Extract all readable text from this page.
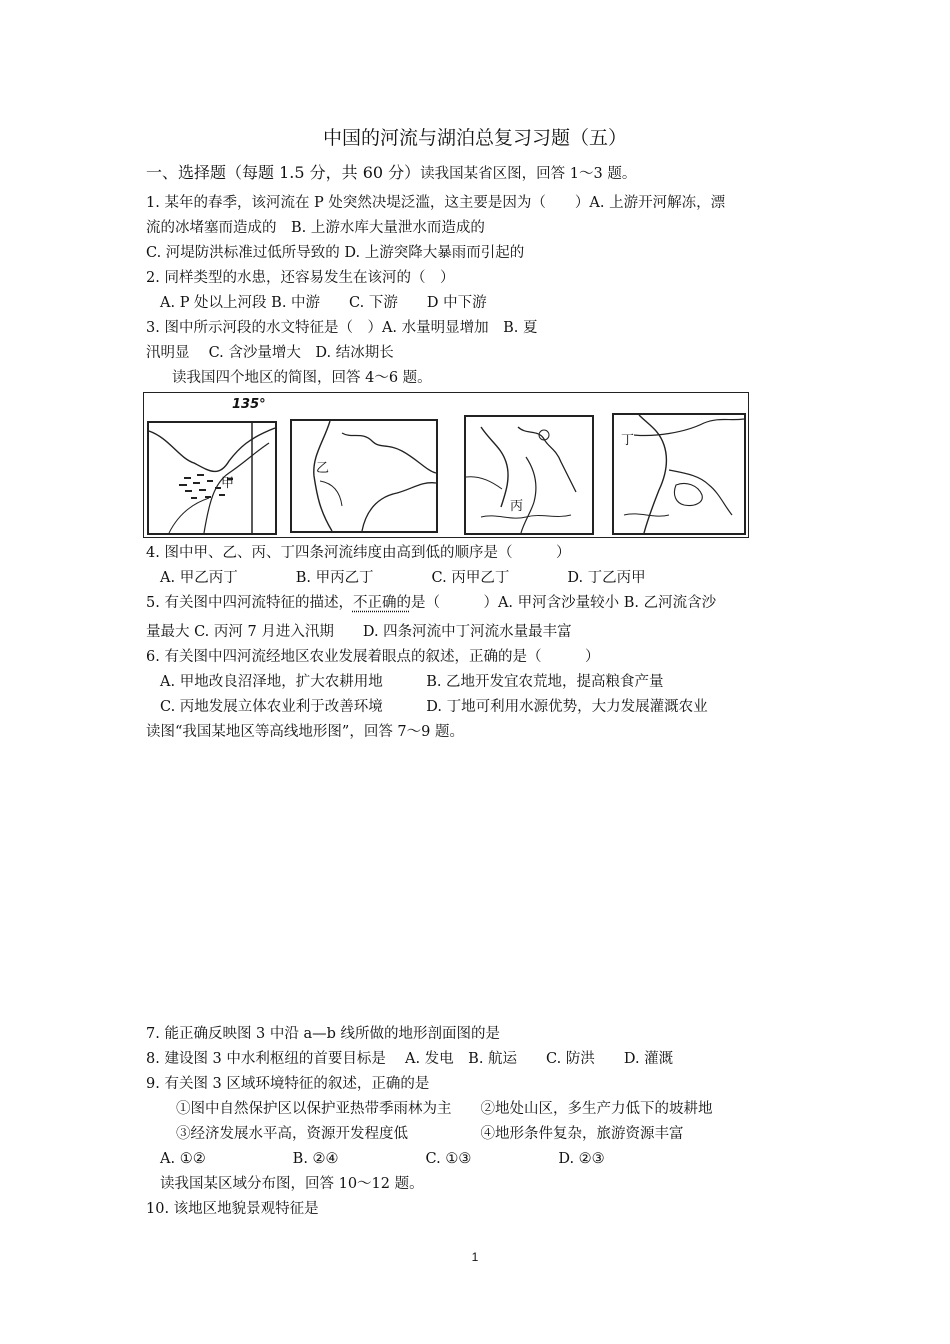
中国的河流与湖泊总复习习题（五）
一、选择题（每题 1.5 分，共 60 分）读我国某省区图，回答 1～3 题。
1. 某年的春季，该河流在 P 处突然决堤泛滥，这主要是因为（　　）A. 上游开河解冻，漂
流的冰堵塞而造成的　B. 上游水库大量泄水而造成的
C. 河堤防洪标准过低所导致的 D. 上游突降大暴雨而引起的
2. 同样类型的水患，还容易发生在该河的（　）
A. P 处以上河段 B. 中游　　C. 下游　　D 中下游
3. 图中所示河段的水文特征是（　）A. 水量明显增加　B. 夏
汛明显　 C. 含沙量增大　D. 结冰期长
读我国四个地区的简图，回答 4～6 题。
135°
甲
乙
丙
丁
4. 图中甲、乙、丙、丁四条河流纬度由高到低的顺序是（　　　）
A. 甲乙丙丁　　　　B. 甲丙乙丁　　　　C. 丙甲乙丁　　　　D. 丁乙丙甲
5. 有关图中四河流特征的描述，不正确的是（　　　）A. 甲河含沙量较小 B. 乙河流含沙
量最大 C. 丙河 7 月进入汛期　　D. 四条河流中丁河流水量最丰富
6. 有关图中四河流经地区农业发展着眼点的叙述，正确的是（　　　）
A. 甲地改良沼泽地，扩大农耕用地　　　B. 乙地开发宜农荒地，提高粮食产量
C. 丙地发展立体农业利于改善环境　　　D. 丁地可利用水源优势，大力发展灌溉农业
读图“我国某地区等高线地形图”，回答 7～9 题。
7. 能正确反映图 3 中沿 a—b 线所做的地形剖面图的是
8. 建设图 3 中水利枢纽的首要目标是　 A. 发电　B. 航运　　C. 防洪　　D. 灌溉
9. 有关图 3 区域环境特征的叙述，正确的是
①图中自然保护区以保护亚热带季雨林为主　　②地处山区，多生产力低下的坡耕地
③经济发展水平高，资源开发程度低　　　　　④地形条件复杂，旅游资源丰富
A. ①②　　　　　　B. ②④　　　　　　C. ①③　　　　　　D. ②③
读我国某区域分布图，回答 10～12 题。
10. 该地区地貌景观特征是
1
